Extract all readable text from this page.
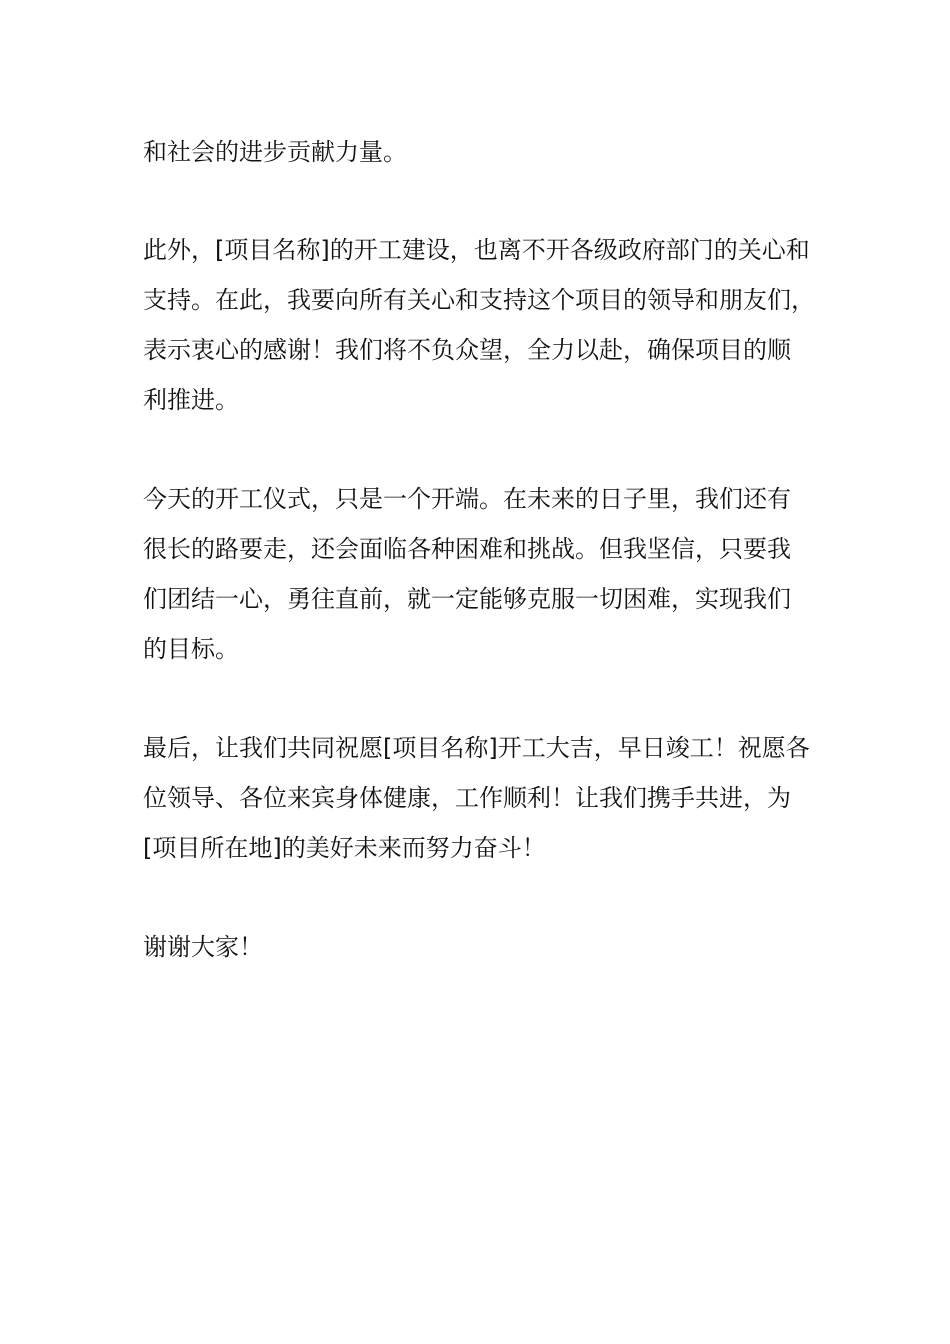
和社会的进步贡献力量。
此外，[项目名称]的开工建设，也离不开各级政府部门的关心和
支持。在此，我要向所有关心和支持这个项目的领导和朋友们，
表示衷心的感谢！我们将不负众望，全力以赴，确保项目的顺
利推进。
今天的开工仪式，只是一个开端。在未来的日子里，我们还有
很长的路要走，还会面临各种困难和挑战。但我坚信，只要我
们团结一心，勇往直前，就一定能够克服一切困难，实现我们
的目标。
最后，让我们共同祝愿[项目名称]开工大吉，早日竣工！祝愿各
位领导、各位来宾身体健康，工作顺利！让我们携手共进，为
[项目所在地]的美好未来而努力奋斗！
谢谢大家！
